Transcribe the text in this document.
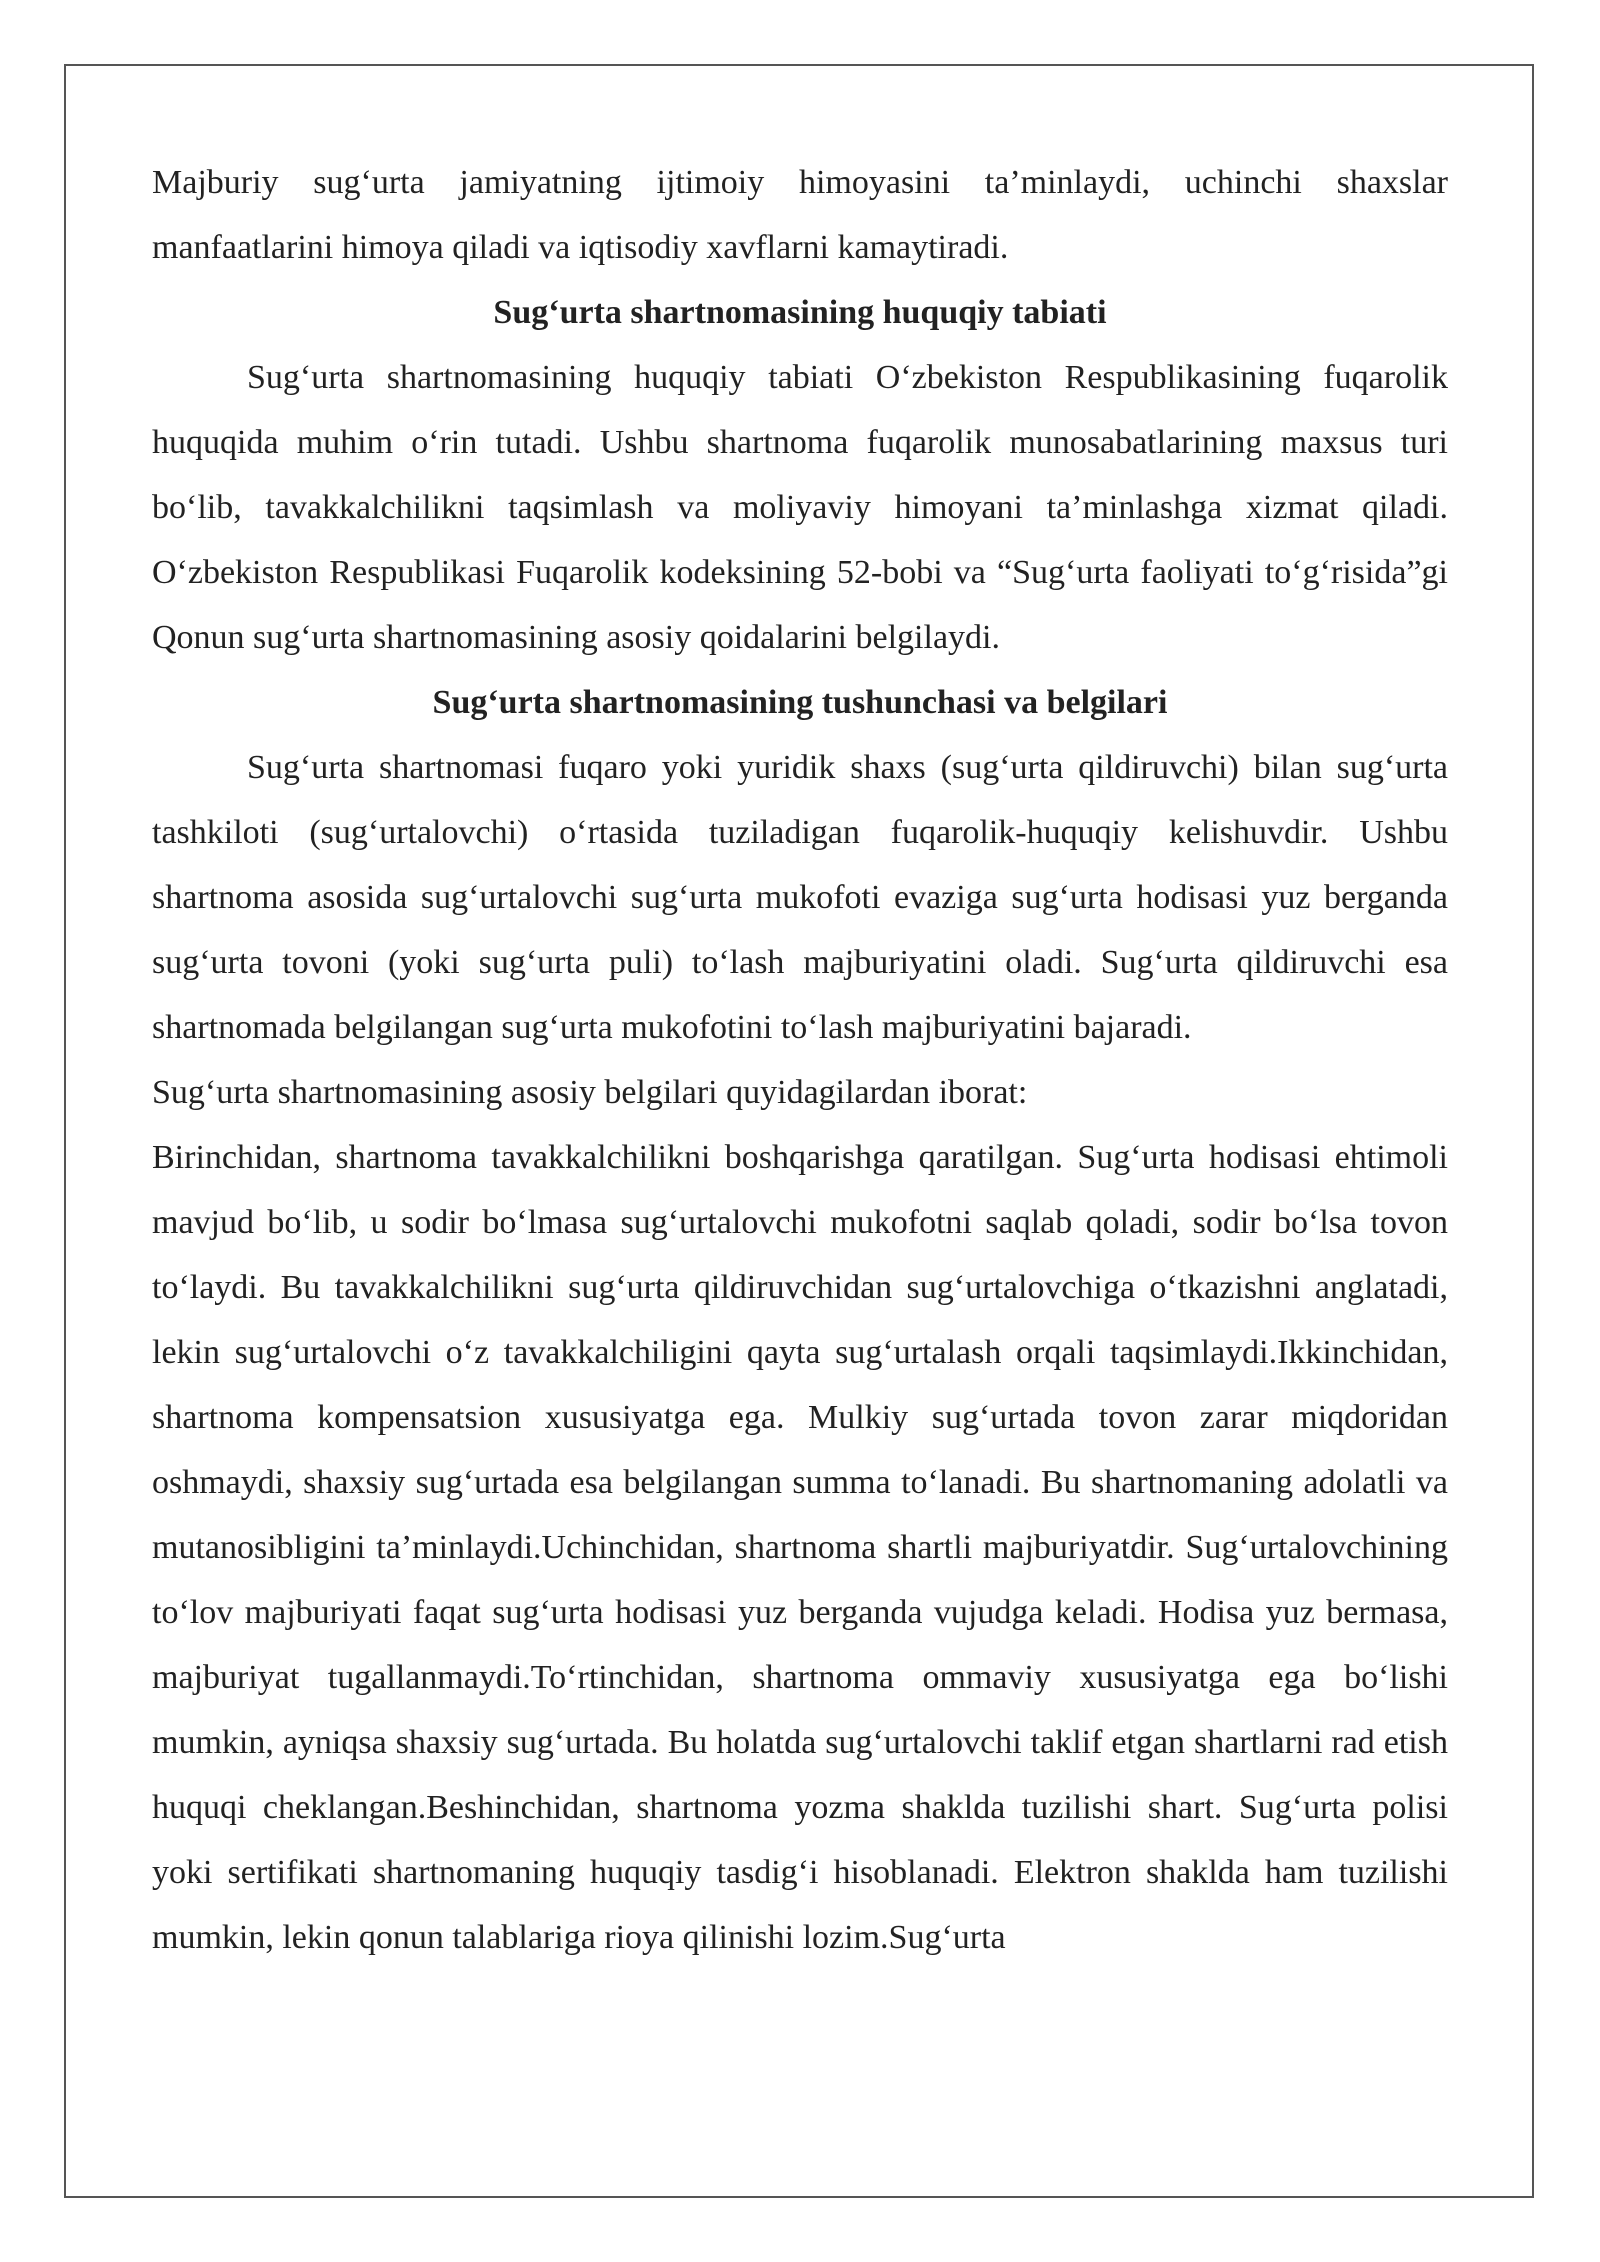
Majburiy sug‘urta jamiyatning ijtimoiy himoyasini ta’minlaydi, uchinchi shaxslar manfaatlarini himoya qiladi va iqtisodiy xavflarni kamaytiradi.

Sug‘urta shartnomasining huquqiy tabiati

Sug‘urta shartnomasining huquqiy tabiati O‘zbekiston Respublikasining fuqarolik huquqida muhim o‘rin tutadi. Ushbu shartnoma fuqarolik munosabatlarining maxsus turi bo‘lib, tavakkalchilikni taqsimlash va moliyaviy himoyani ta’minlashga xizmat qiladi. O‘zbekiston Respublikasi Fuqarolik kodeksining 52-bobi va “Sug‘urta faoliyati to‘g‘risida”gi Qonun sug‘urta shartnomasining asosiy qoidalarini belgilaydi.

Sug‘urta shartnomasining tushunchasi va belgilari

Sug‘urta shartnomasi fuqaro yoki yuridik shaxs (sug‘urta qildiruvchi) bilan sug‘urta tashkiloti (sug‘urtalovchi) o‘rtasida tuziladigan fuqarolik-huquqiy kelishuvdir. Ushbu shartnoma asosida sug‘urtalovchi sug‘urta mukofoti evaziga sug‘urta hodisasi yuz berganda sug‘urta tovoni (yoki sug‘urta puli) to‘lash majburiyatini oladi. Sug‘urta qildiruvchi esa shartnomada belgilangan sug‘urta mukofotini to‘lash majburiyatini bajaradi.

Sug‘urta shartnomasining asosiy belgilari quyidagilardan iborat:

Birinchidan, shartnoma tavakkalchilikni boshqarishga qaratilgan. Sug‘urta hodisasi ehtimoli mavjud bo‘lib, u sodir bo‘lmasa sug‘urtalovchi mukofotni saqlab qoladi, sodir bo‘lsa tovon to‘laydi. Bu tavakkalchilikni sug‘urta qildiruvchidan sug‘urtalovchiga o‘tkazishni anglatadi, lekin sug‘urtalovchi o‘z tavakkalchiligini qayta sug‘urtalash orqali taqsimlaydi.Ikkinchidan, shartnoma kompensatsion xususiyatga ega. Mulkiy sug‘urtada tovon zarar miqdoridan oshmaydi, shaxsiy sug‘urtada esa belgilangan summa to‘lanadi. Bu shartnomaning adolatli va mutanosibligini ta’minlaydi.Uchinchidan, shartnoma shartli majburiyatdir. Sug‘urtalovchining to‘lov majburiyati faqat sug‘urta hodisasi yuz berganda vujudga keladi. Hodisa yuz bermasa, majburiyat tugallanmaydi.To‘rtinchidan, shartnoma ommaviy xususiyatga ega bo‘lishi mumkin, ayniqsa shaxsiy sug‘urtada. Bu holatda sug‘urtalovchi taklif etgan shartlarni rad etish huquqi cheklangan.Beshinchidan, shartnoma yozma shaklda tuzilishi shart. Sug‘urta polisi yoki sertifikati shartnomaning huquqiy tasdig‘i hisoblanadi. Elektron shaklda ham tuzilishi mumkin, lekin qonun talablariga rioya qilinishi lozim.Sug‘urta
